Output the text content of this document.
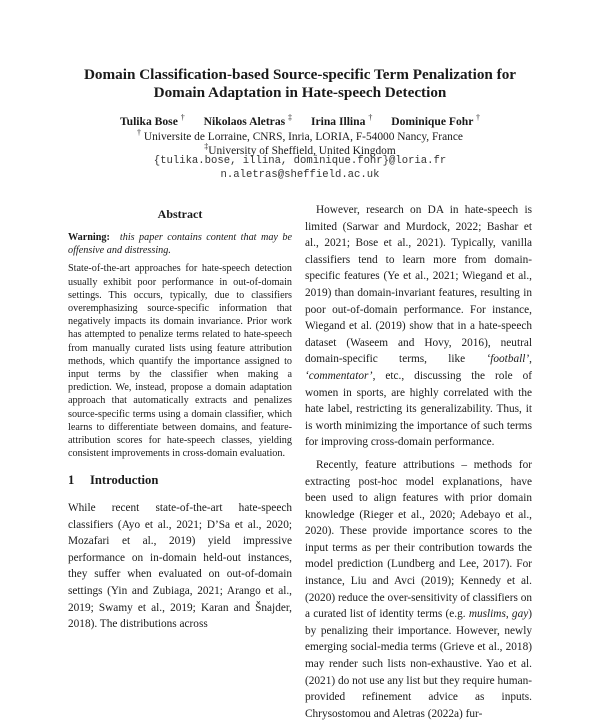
Domain Classification-based Source-specific Term Penalization for
Domain Adaptation in Hate-speech Detection
Tulika Bose † Nikolaos Aletras ‡ Irina Illina † Dominique Fohr †
† Universite de Lorraine, CNRS, Inria, LORIA, F-54000 Nancy, France
‡University of Sheffield, United Kingdom
{tulika.bose, illina, dominique.fohr}@loria.fr
n.aletras@sheffield.ac.uk
Abstract

Warning: this paper contains content that may be offensive and distressing.

State-of-the-art approaches for hate-speech detection usually exhibit poor performance in out-of-domain settings. This occurs, typically, due to classifiers overemphasizing source-specific information that negatively impacts its domain invariance. Prior work has attempted to penalize terms related to hate-speech from manually curated lists using feature attribution methods, which quantify the importance assigned to input terms by the classifier when making a prediction. We, instead, propose a domain adaptation approach that automatically extracts and penalizes source-specific terms using a domain classifier, which learns to differentiate between domains, and feature-attribution scores for hate-speech classes, yielding consistent improvements in cross-domain evaluation.

1 Introduction

While recent state-of-the-art hate-speech classifiers (Ayo et al., 2021; D’Sa et al., 2020; Mozafari et al., 2019) yield impressive performance on in-domain held-out instances, they suffer when evaluated on out-of-domain settings (Yin and Zubiaga, 2021; Arango et al., 2019; Swamy et al., 2019; Karan and Šnajder, 2018). The distributions across

However, research on DA in hate-speech is limited (Sarwar and Murdock, 2022; Bashar et al., 2021; Bose et al., 2021). Typically, vanilla classifiers tend to learn more from domain-specific features (Ye et al., 2021; Wiegand et al., 2019) than domain-invariant features, resulting in poor out-of-domain performance. For instance, Wiegand et al. (2019) show that in a hate-speech dataset (Waseem and Hovy, 2016), neutral domain-specific terms, like ‘football’, ‘commentator’, etc., discussing the role of women in sports, are highly correlated with the hate label, restricting its generalizability. Thus, it is worth minimizing the importance of such terms for improving cross-domain performance.

Recently, feature attributions – methods for extracting post-hoc model explanations, have been used to align features with prior domain knowledge (Rieger et al., 2020; Adebayo et al., 2020). These provide importance scores to the input terms as per their contribution towards the model prediction (Lundberg and Lee, 2017). For instance, Liu and Avci (2019); Kennedy et al. (2020) reduce the over-sensitivity of classifiers on a curated list of identity terms (e.g. muslims, gay) by penalizing their importance. However, newly emerging social-media terms (Grieve et al., 2018) may render such lists non-exhaustive. Yao et al. (2021) do not use any list but they require human-provided refinement advice as inputs. Chrysostomou and Aletras (2022a) fur-
